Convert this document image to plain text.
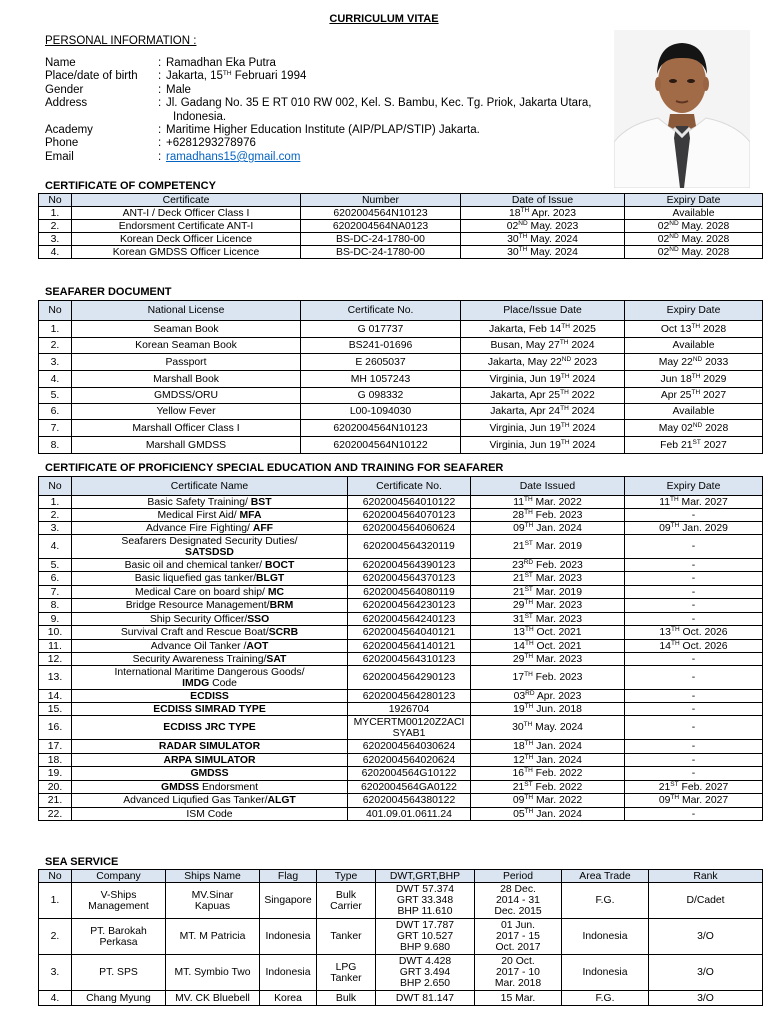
CURRICULUM VITAE
PERSONAL INFORMATION :
Name	: Ramadhan Eka Putra
Place/date of birth	: Jakarta, 15TH Februari 1994
Gender	: Male
Address	: Jl. Gadang No. 35 E RT 010 RW 002, Kel. S. Bambu, Kec. Tg. Priok, Jakarta Utara,
Indonesia.
Academy	: Maritime Higher Education Institute (AIP/PLAP/STIP) Jakarta.
Phone	: +6281293278976
Email	: ramadhans15@gmail.com
CERTIFICATE OF COMPETENCY
No	Certificate	Number	Date of Issue	Expiry Date
1.	ANT-I / Deck Officer Class I	6202004564N10123	18TH Apr. 2023	Available
2.	Endorsment Certificate ANT-I	6202004564NA0123	02ND May. 2023	02ND May. 2028
3.	Korean Deck Officer Licence	BS-DC-24-1780-00	30TH May. 2024	02ND May. 2028
4.	Korean GMDSS Officer Licence	BS-DC-24-1780-00	30TH May. 2024	02ND May. 2028
SEAFARER DOCUMENT
No	National License	Certificate No.	Place/Issue Date	Expiry Date
1.	Seaman Book	G 017737	Jakarta, Feb 14TH 2025	Oct 13TH 2028
2.	Korean Seaman Book	BS241-01696	Busan, May 27TH 2024	Available
3.	Passport	E 2605037	Jakarta, May 22ND 2023	May 22ND 2033
4.	Marshall Book	MH 1057243	Virginia, Jun 19TH 2024	Jun 18TH 2029
5.	GMDSS/ORU	G 098332	Jakarta, Apr 25TH 2022	Apr 25TH 2027
6.	Yellow Fever	L00-1094030	Jakarta, Apr 24TH 2024	Available
7.	Marshall Officer Class I	6202004564N10123	Virginia, Jun 19TH 2024	May 02ND 2028
8.	Marshall GMDSS	6202004564N10122	Virginia, Jun 19TH 2024	Feb 21ST 2027
CERTIFICATE OF PROFICIENCY SPECIAL EDUCATION AND TRAINING FOR SEAFARER
No	Certificate Name	Certificate No.	Date Issued	Expiry Date
1.	Basic Safety Training/ BST	6202004564010122	11TH Mar. 2022	11TH Mar. 2027
2.	Medical First Aid/ MFA	6202004564070123	28TH Feb. 2023	-
3.	Advance Fire Fighting/ AFF	6202004564060624	09TH Jan. 2024	09TH Jan. 2029
4.	Seafarers Designated Security Duties/
SATSDSD	6202004564320119	21ST Mar. 2019	-
5.	Basic oil and chemical tanker/ BOCT	6202004564390123	23RD Feb. 2023	-
6.	Basic liquefied gas tanker/BLGT	6202004564370123	21ST Mar. 2023	-
7.	Medical Care on board ship/ MC	6202004564080119	21ST Mar. 2019	-
8.	Bridge Resource Management/BRM	6202004564230123	29TH Mar. 2023	-
9.	Ship Security Officer/SSO	6202004564240123	31ST Mar. 2023	-
10.	Survival Craft and Rescue Boat/SCRB	6202004564040121	13TH Oct. 2021	13TH Oct. 2026
11.	Advance Oil Tanker /AOT	6202004564140121	14TH Oct. 2021	14TH Oct. 2026
12.	Security Awareness Training/SAT	6202004564310123	29TH Mar. 2023	-
13.	International Maritime Dangerous Goods/
IMDG Code	6202004564290123	17TH Feb. 2023	-
14.	ECDISS	6202004564280123	03RD Apr. 2023	-
15.	ECDISS SIMRAD TYPE	1926704	19TH Jun. 2018	-
16.	ECDISS JRC TYPE	MYCERTM00120Z2ACI
SYAB1	30TH May. 2024	-
17.	RADAR SIMULATOR	6202004564030624	18TH Jan. 2024	-
18.	ARPA SIMULATOR	6202004564020624	12TH Jan. 2024	-
19.	GMDSS	6202004564G10122	16TH Feb. 2022	-
20.	GMDSS Endorsment	6202004564GA0122	21ST Feb. 2022	21ST Feb. 2027
21.	Advanced Liqufied Gas Tanker/ALGT	6202004564380122	09TH Mar. 2022	09TH Mar. 2027
22.	ISM Code	401.09.01.0611.24	05TH Jan. 2024	-
SEA SERVICE
No	Company	Ships Name	Flag	Type	DWT,GRT,BHP	Period	Area Trade	Rank
1.	V-Ships
Management	MV.Sinar
Kapuas	Singapore	Bulk
Carrier	DWT 57.374
GRT 33.348
BHP 11.610	28 Dec.
2014 - 31
Dec. 2015	F.G.	D/Cadet
2.	PT. Barokah
Perkasa	MT. M Patricia	Indonesia	Tanker	DWT 17.787
GRT 10.527
BHP 9.680	01 Jun.
2017 - 15
Oct. 2017	Indonesia	3/O
3.	PT. SPS	MT. Symbio Two	Indonesia	LPG
Tanker	DWT 4.428
GRT 3.494
BHP 2.650	20 Oct.
2017 - 10
Mar. 2018	Indonesia	3/O
4.	Chang Myung	MV. CK Bluebell	Korea	Bulk	DWT 81.147	15 Mar.	F.G.	3/O
